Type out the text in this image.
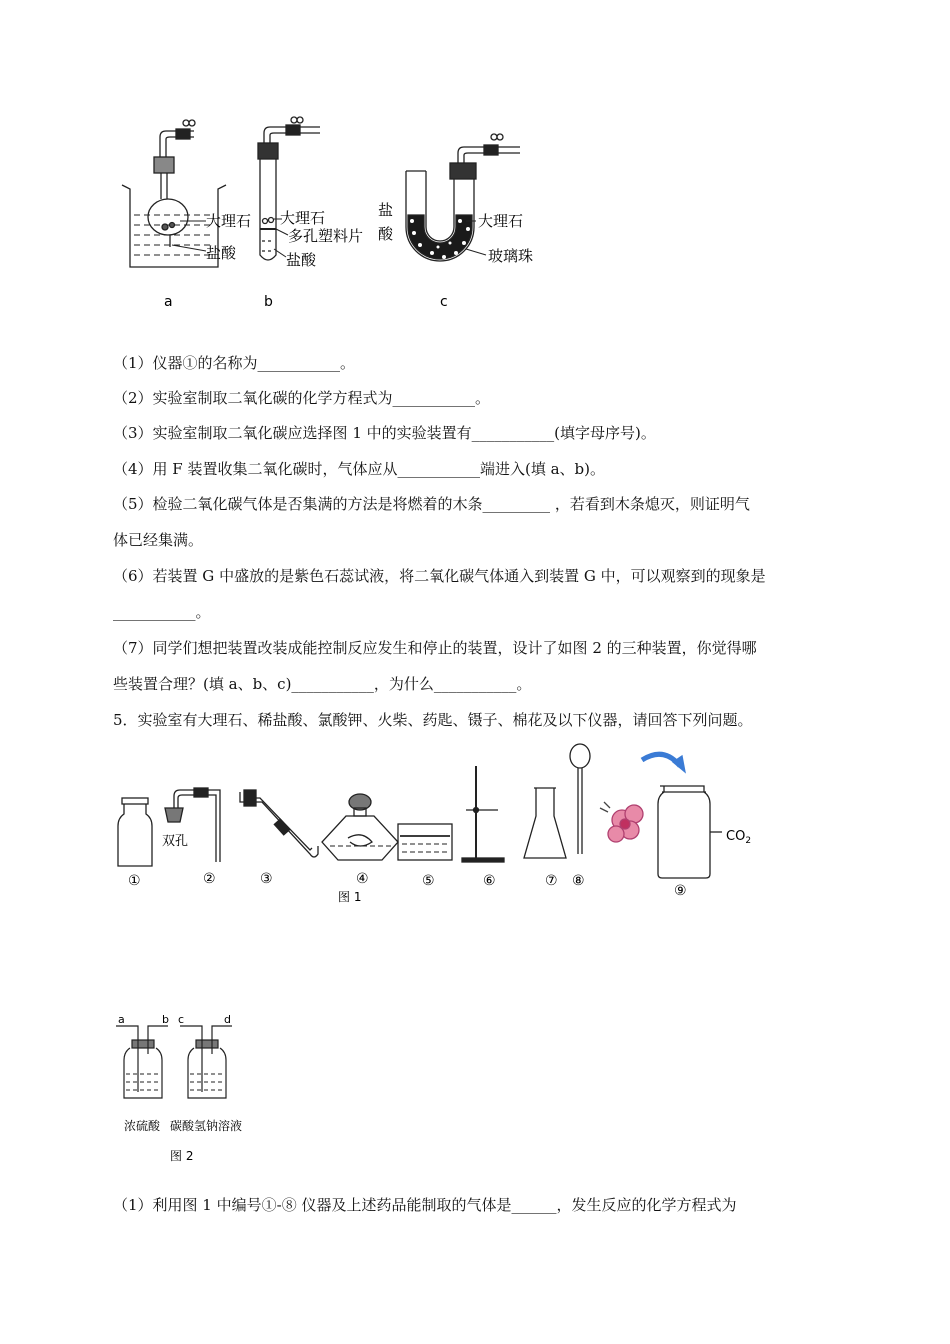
大理石
盐酸
大理石
多孔塑料片
盐酸
盐
酸
大理石
玻璃珠
a	b	c
（1）仪器①的名称为___________。
（2）实验室制取二氧化碳的化学方程式为___________。
（3）实验室制取二氧化碳应选择图 1 中的实验装置有___________(填字母序号)。
（4）用 F 装置收集二氧化碳时，气体应从___________端进入(填 a、b)。
（5）检验二氧化碳气体是否集满的方法是将燃着的木条_________ ，若看到木条熄灭，则证明气
体已经集满。
（6）若装置 G 中盛放的是紫色石蕊试液，将二氧化碳气体通入到装置 G 中，可以观察到的现象是
___________。
（7）同学们想把装置改装成能控制反应发生和停止的装置，设计了如图 2 的三种装置，你觉得哪
些装置合理？(填 a、b、c)___________，为什么___________。
5．实验室有大理石、稀盐酸、氯酸钾、火柴、药匙、镊子、棉花及以下仪器，请回答下列问题。
双孔	$CO_2$
①	②	③	④	⑤	⑥	⑦ ⑧
⑨
图 1
a	b c	d
浓硫酸 碳酸氢钠溶液
图 2
（1）利用图 1 中编号①-⑧ 仪器及上述药品能制取的气体是______，发生反应的化学方程式为
